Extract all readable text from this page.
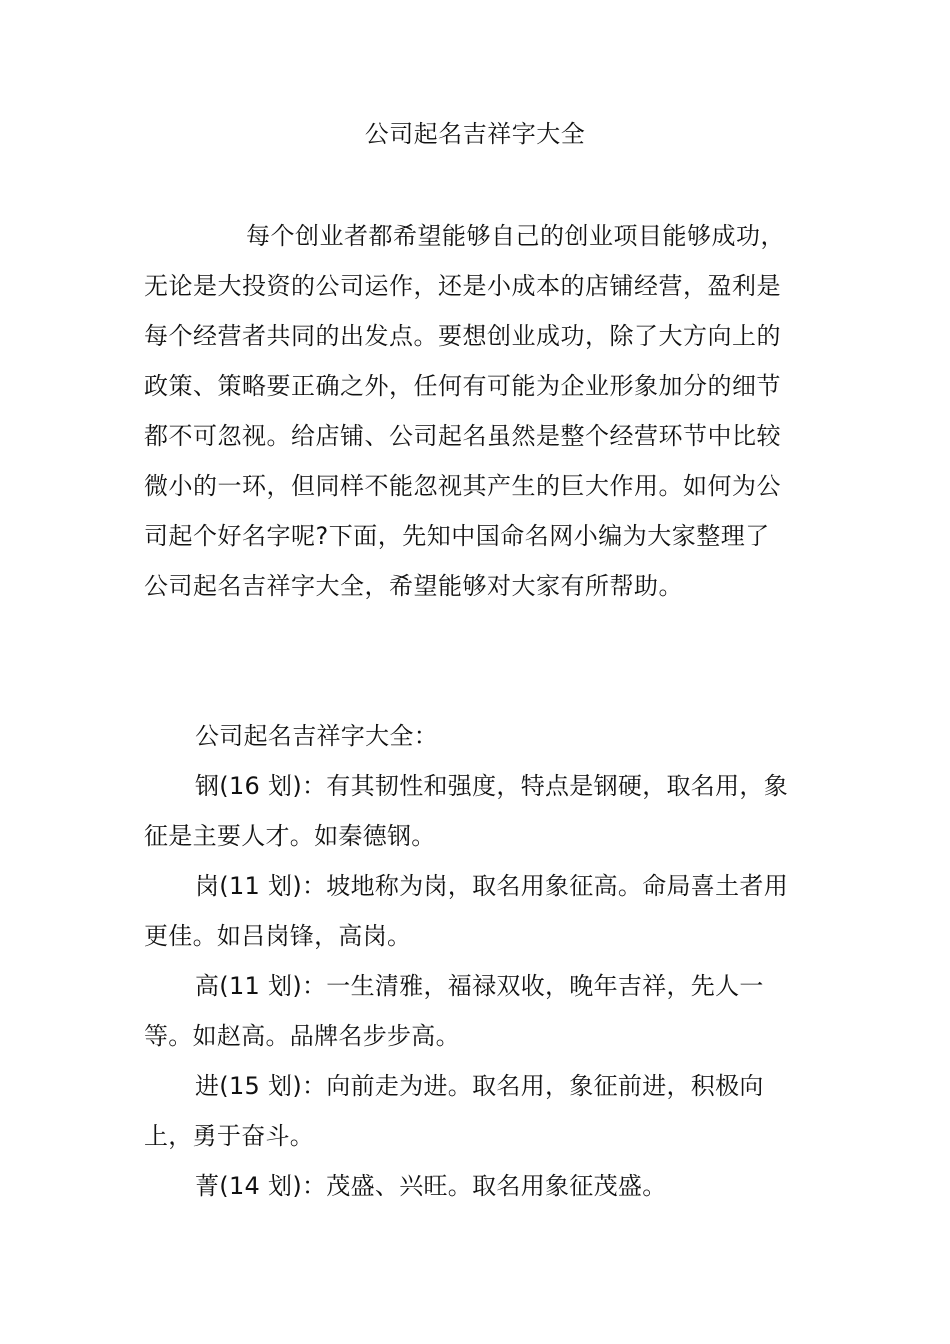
公司起名吉祥字大全

每个创业者都希望能够自己的创业项目能够成功，无论是大投资的公司运作，还是小成本的店铺经营，盈利是每个经营者共同的出发点。要想创业成功，除了大方向上的政策、策略要正确之外，任何有可能为企业形象加分的细节都不可忽视。给店铺、公司起名虽然是整个经营环节中比较微小的一环，但同样不能忽视其产生的巨大作用。如何为公司起个好名字呢?下面，先知中国命名网小编为大家整理了公司起名吉祥字大全，希望能够对大家有所帮助。

公司起名吉祥字大全：

钢(16 划)：有其韧性和强度，特点是钢硬，取名用，象征是主要人才。如秦德钢。

岗(11 划)：坡地称为岗，取名用象征高。命局喜土者用更佳。如吕岗锋，高岗。

高(11 划)：一生清雅，福禄双收，晚年吉祥，先人一等。如赵高。品牌名步步高。

进(15 划)：向前走为进。取名用，象征前进，积极向上，勇于奋斗。

菁(14 划)：茂盛、兴旺。取名用象征茂盛。
